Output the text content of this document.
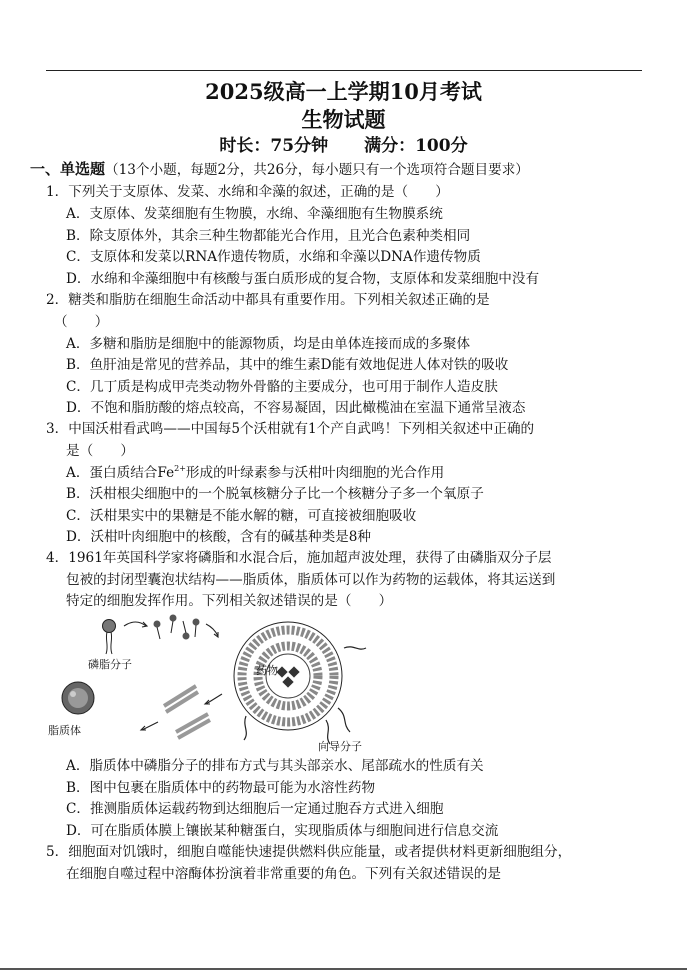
2025级高一上学期10月考试
生物试题
时长：75分钟 满分：100分
一、单选题（13个小题，每题2分，共26分，每小题只有一个选项符合题目要求）
1．下列关于支原体、发菜、水绵和伞藻的叙述，正确的是（　　）
A．支原体、发菜细胞有生物膜，水绵、伞藻细胞有生物膜系统
B．除支原体外，其余三种生物都能光合作用，且光合色素种类相同
C．支原体和发菜以RNA作遗传物质，水绵和伞藻以DNA作遗传物质
D．水绵和伞藻细胞中有核酸与蛋白质形成的复合物，支原体和发菜细胞中没有
2．糖类和脂肪在细胞生命活动中都具有重要作用。下列相关叙述正确的是
（　　）
A．多糖和脂肪是细胞中的能源物质，均是由单体连接而成的多聚体
B．鱼肝油是常见的营养品，其中的维生素D能有效地促进人体对铁的吸收
C．几丁质是构成甲壳类动物外骨骼的主要成分，也可用于制作人造皮肤
D．不饱和脂肪酸的熔点较高，不容易凝固，因此橄榄油在室温下通常呈液态
3．中国沃柑看武鸣——中国每5个沃柑就有1个产自武鸣！下列相关叙述中正确的
是（　　）
A．蛋白质结合$Fe^{2+}$形成的叶绿素参与沃柑叶肉细胞的光合作用
B．沃柑根尖细胞中的一个脱氧核糖分子比一个核糖分子多一个氧原子
C．沃柑果实中的果糖是不能水解的糖，可直接被细胞吸收
D．沃柑叶肉细胞中的核酸，含有的碱基种类是8种
4．1961年英国科学家将磷脂和水混合后，施加超声波处理，获得了由磷脂双分子层
包被的封闭型囊泡状结构——脂质体，脂质体可以作为药物的运载体，将其运送到
特定的细胞发挥作用。下列相关叙述错误的是（　　）
磷脂分子	药物
脂质体
向导分子
A．脂质体中磷脂分子的排布方式与其头部亲水、尾部疏水的性质有关
B．图中包裹在脂质体中的药物最可能为水溶性药物
C．推测脂质体运载药物到达细胞后一定通过胞吞方式进入细胞
D．可在脂质体膜上镶嵌某种糖蛋白，实现脂质体与细胞间进行信息交流
5．细胞面对饥饿时，细胞自噬能快速提供燃料供应能量，或者提供材料更新细胞组分，
在细胞自噬过程中溶酶体扮演着非常重要的角色。下列有关叙述错误的是
